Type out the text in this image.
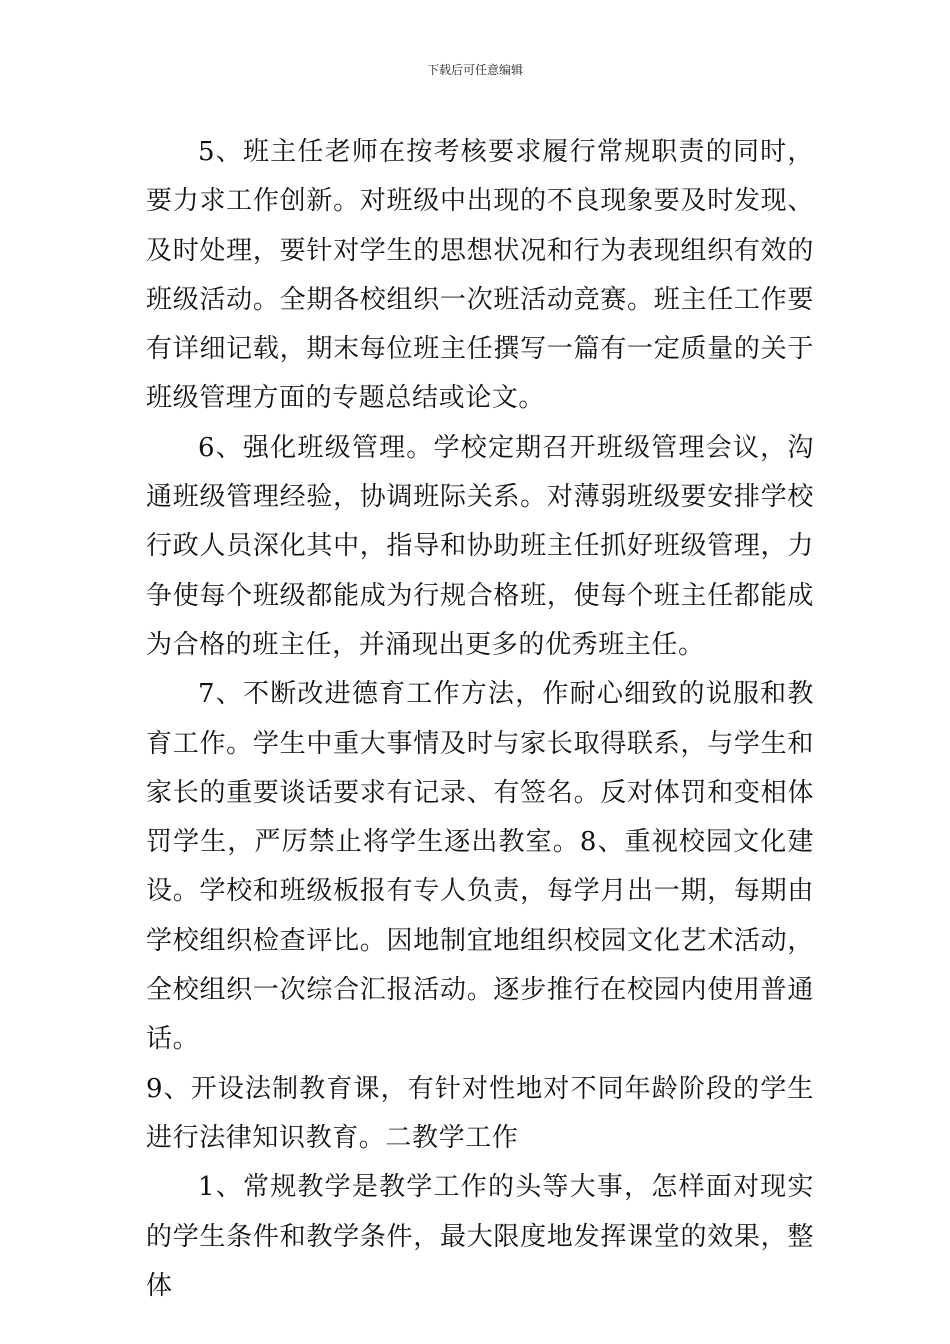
下载后可任意编辑

5、班主任老师在按考核要求履行常规职责的同时，要力求工作创新。对班级中出现的不良现象要及时发现、及时处理，要针对学生的思想状况和行为表现组织有效的班级活动。全期各校组织一次班活动竞赛。班主任工作要有详细记载，期末每位班主任撰写一篇有一定质量的关于班级管理方面的专题总结或论文。

6、强化班级管理。学校定期召开班级管理会议，沟通班级管理经验，协调班际关系。对薄弱班级要安排学校行政人员深化其中，指导和协助班主任抓好班级管理，力争使每个班级都能成为行规合格班，使每个班主任都能成为合格的班主任，并涌现出更多的优秀班主任。

7、不断改进德育工作方法，作耐心细致的说服和教育工作。学生中重大事情及时与家长取得联系，与学生和家长的重要谈话要求有记录、有签名。反对体罚和变相体罚学生，严厉禁止将学生逐出教室。8、重视校园文化建设。学校和班级板报有专人负责，每学月出一期，每期由学校组织检查评比。因地制宜地组织校园文化艺术活动，全校组织一次综合汇报活动。逐步推行在校园内使用普通话。

9、开设法制教育课，有针对性地对不同年龄阶段的学生进行法律知识教育。二教学工作

1、常规教学是教学工作的头等大事，怎样面对现实的学生条件和教学条件，最大限度地发挥课堂的效果，整体
